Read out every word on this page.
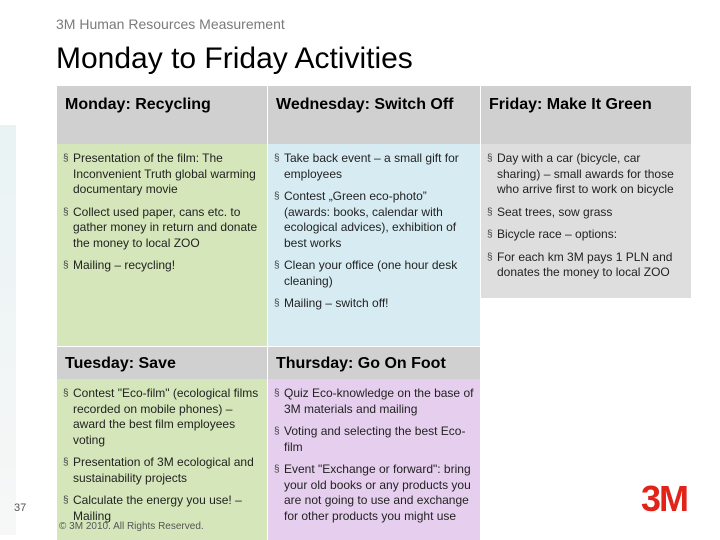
3M Human Resources Measurement
Monday to Friday Activities
Monday: Recycling
§ Presentation of the film: The Inconvenient Truth global warming documentary movie
§ Collect used paper, cans etc. to gather money in return and donate the money to local ZOO
§ Mailing – recycling!
Wednesday: Switch Off
§ Take back event – a small gift for employees
§ Contest „Green eco-photo” (awards: books, calendar with ecological advices), exhibition of best works
§ Clean your office (one hour desk cleaning)
§ Mailing – switch off!
Friday: Make It Green
§ Day with a car (bicycle, car sharing) – small awards for those who arrive first to work on bicycle
§ Seat trees, sow grass
§ Bicycle race – options:
§ For each km 3M pays 1 PLN and donates the money to local ZOO
Tuesday: Save
§ Contest "Eco-film" (ecological films recorded on mobile phones) – award the best film employees voting
§ Presentation of 3M ecological and sustainability projects
§ Calculate the energy you use! – Mailing
Thursday: Go On Foot
§ Quiz Eco-knowledge on the base of 3M materials and mailing
§ Voting and selecting the best Eco-film
§ Event "Exchange or forward": bring your old books or any products you are not going to use and exchange for other products you might use
37
© 3M 2010. All Rights Reserved.
3M
